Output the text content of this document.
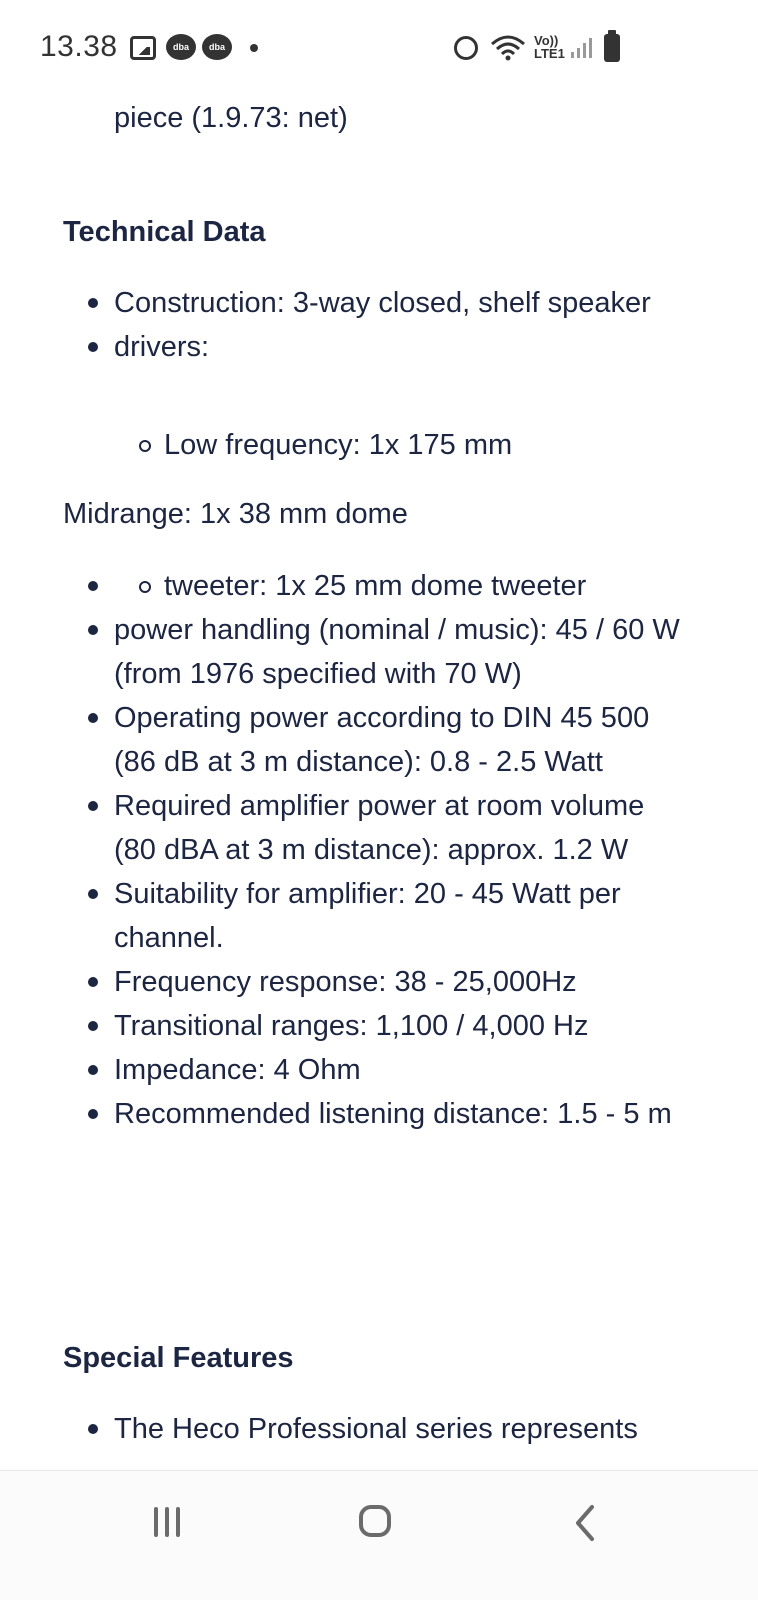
piece (1.9.73: net)
Technical Data
Construction: 3-way closed, shelf speaker
drivers:
Low frequency: 1x 175 mm
Midrange: 1x 38 mm dome
tweeter: 1x 25 mm dome tweeter
power handling (nominal / music): 45 / 60 W (from 1976 specified with 70 W)
Operating power according to DIN 45 500 (86 dB at 3 m distance): 0.8 - 2.5 Watt
Required amplifier power at room volume (80 dBA at 3 m distance): approx. 1.2 W
Suitability for amplifier: 20 - 45 Watt per channel.
Frequency response: 38 - 25,000Hz
Transitional ranges: 1,100 / 4,000 Hz
Impedance: 4 Ohm
Recommended listening distance: 1.5 - 5 m
Special Features
The Heco Professional series represents
13.38	dba	dba	Vo))
LTE1
